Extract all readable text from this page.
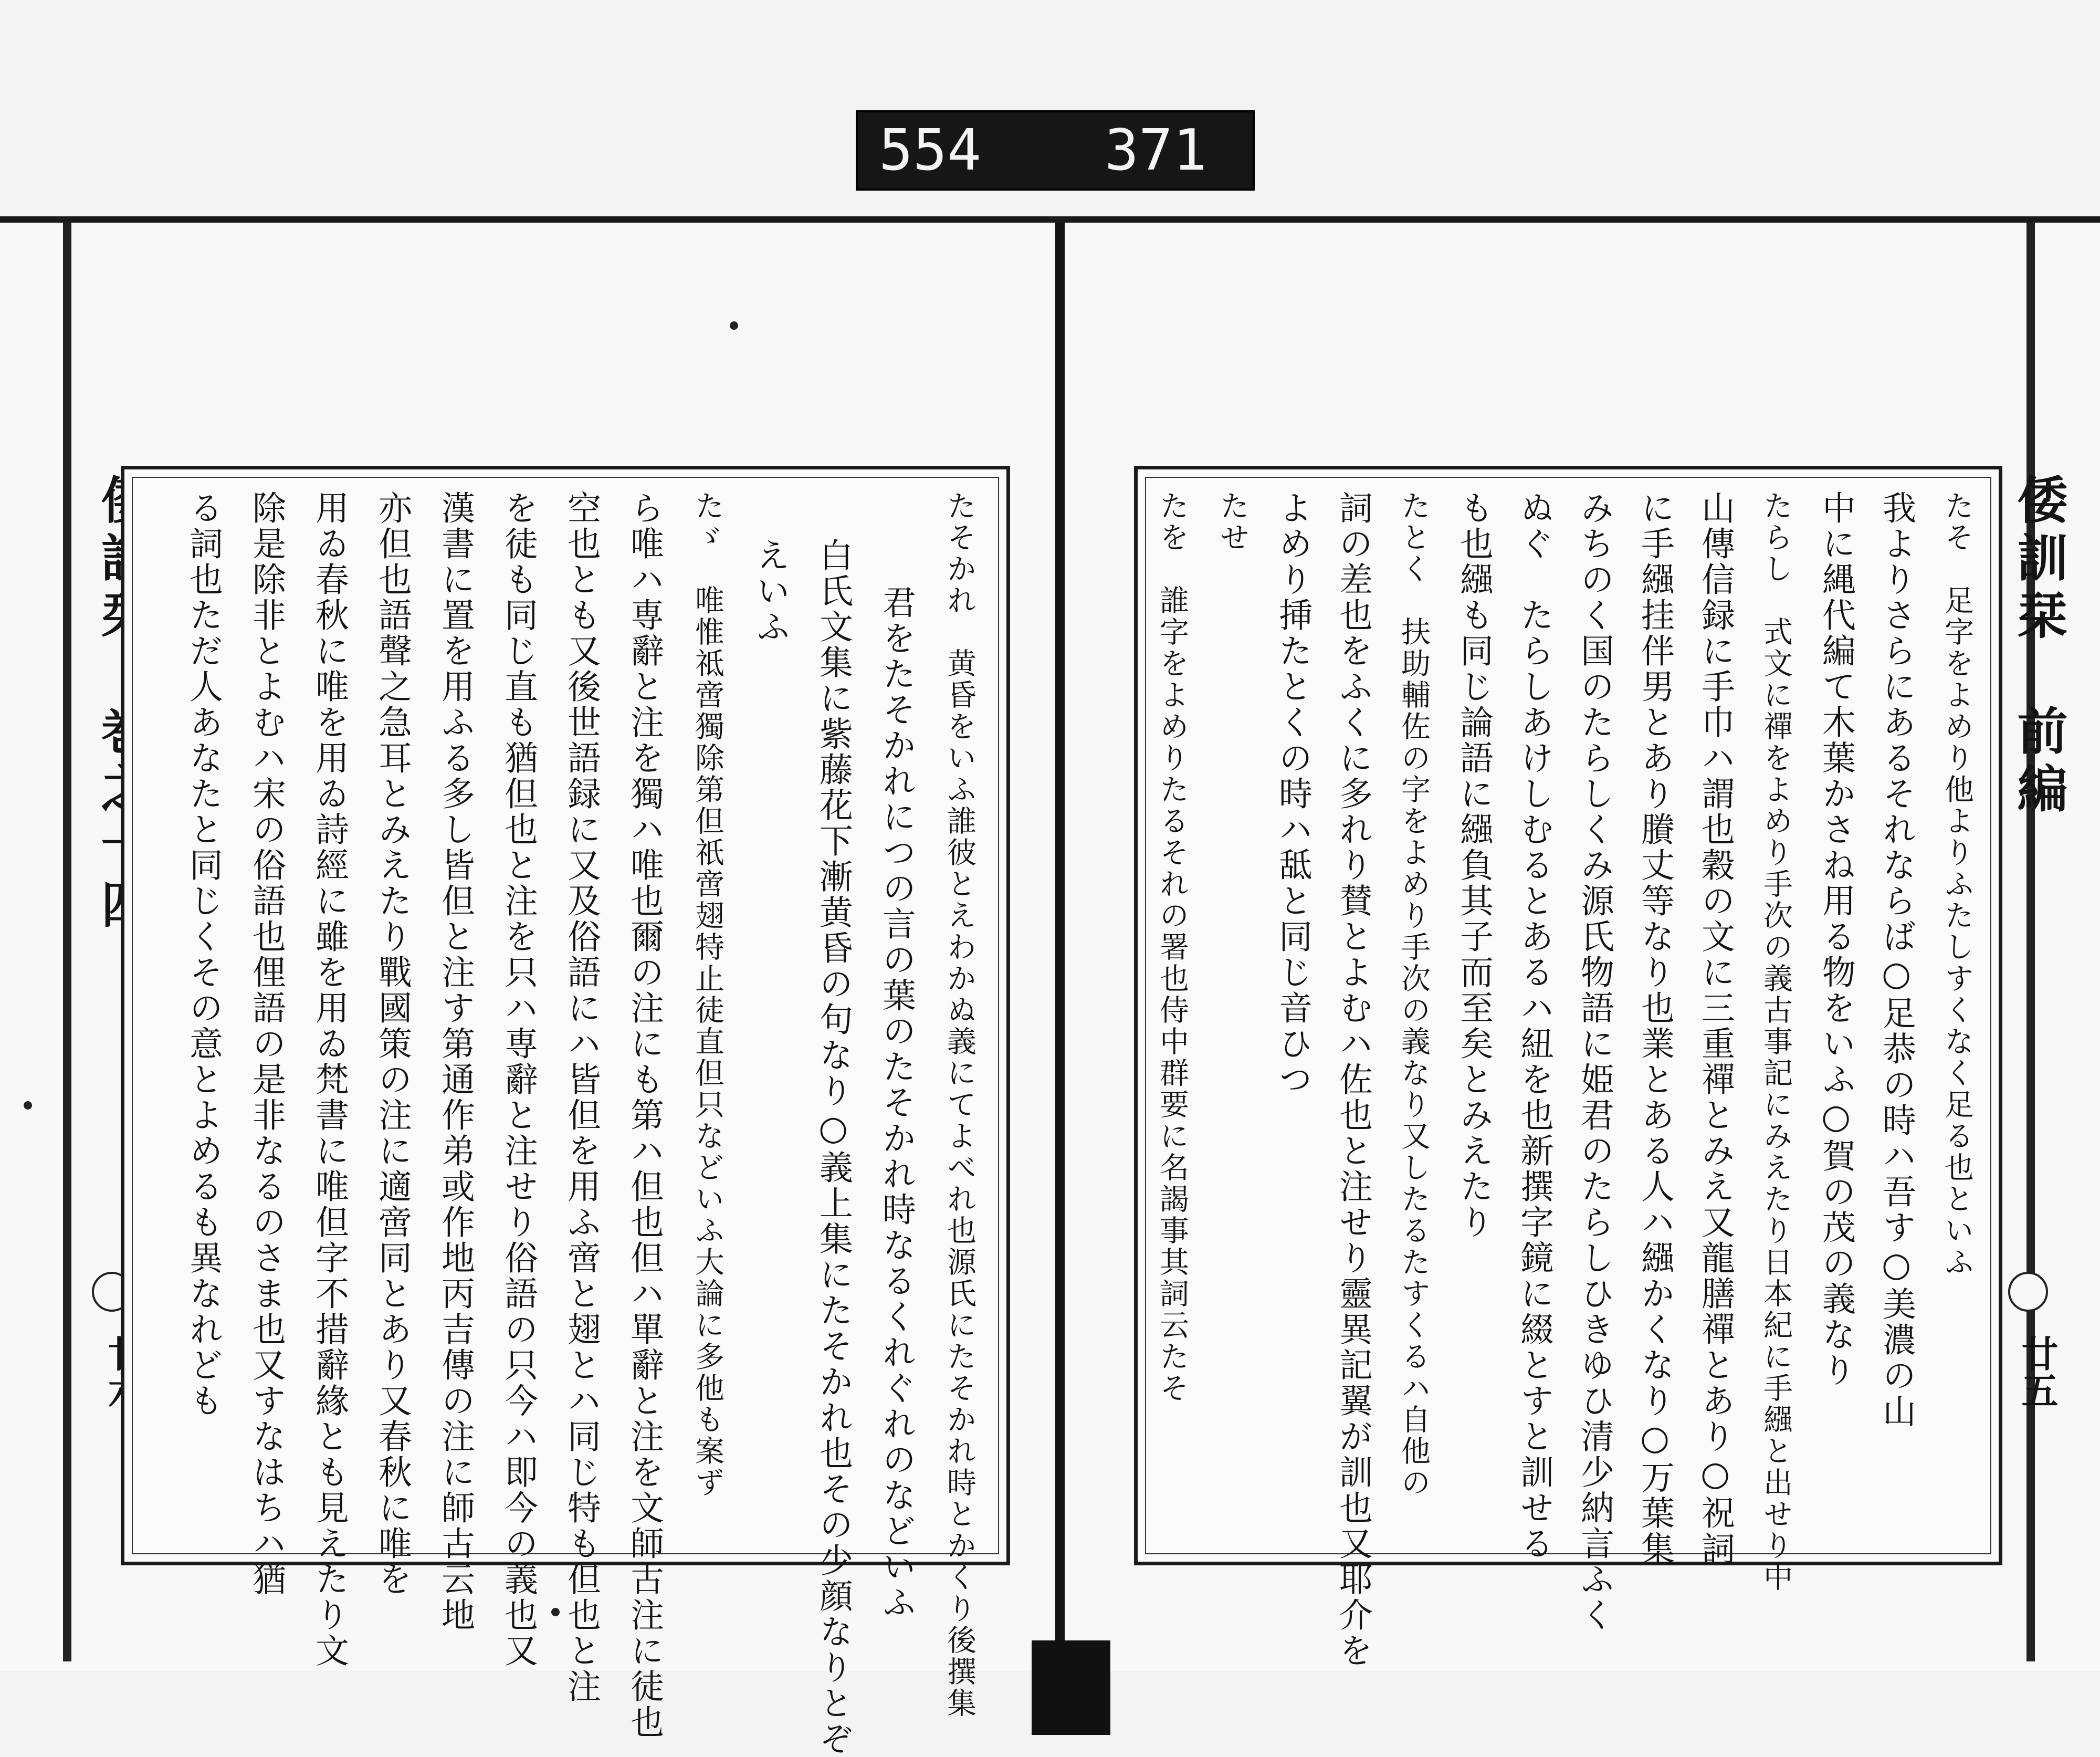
554 371
たそかれ　黄昏をいふ誰彼とえわかぬ義にてよべれ也源氏にたそかれ時とかくり後撰集
君をたそかれにつの言の葉のたそかれ時なるくれぐれのなどいふ
白氏文集に紫藤花下漸黄昏の句なり○義上集にたそかれ也その少顔なりとぞ
えいふ
たゞ　唯惟祗啻獨除第但祇啻翅特止徒直但只などいふ大論に多他も案ず
ら唯ハ専辭と注を獨ハ唯也爾の注にも第ハ但也但ハ單辭と注を文師古注に徒也
空也とも又後世語録に又及俗語にハ皆但を用ふ啻と翅とハ同じ特も但也と注
を徒も同じ直も猶但也と注を只ハ専辭と注せり俗語の只今ハ即今の義也又
漢書に置を用ふる多し皆但と注す第通作弟或作地丙吉傳の注に師古云地
亦但也語聲之急耳とみえたり戰國策の注に適啻同とあり又春秋に唯を
用ゐ春秋に唯を用ゐ詩經に雖を用ゐ梵書に唯但字不措辭緣とも見えたり文
除是除非とよむハ宋の俗語也俚語の是非なるのさま也又すなはちハ猶
る詞也ただ人あなたと同じくその意とよめるも異なれども	たそ　足字をよめり他よりふたしすくなく足る也といふ
我よりさらにあるそれならば○足恭の時ハ吾す○美濃の山
中に縄代編て木葉かさね用る物をいふ○賀の茂の義なり
たらし　式文に禪をよめり手次の義古事記にみえたり日本紀に手繦と出せり中
山傳信録に手巾ハ謂也穀の文に三重禪とみえ又龍膳禪とあり○祝詞
に手繦挂伴男とあり賸丈等なり也業とある人ハ繦かくなり○万葉集
みちのく国のたらしくみ源氏物語に姫君のたらしひきゆひ清少納言ふく
ぬぐ　たらしあけしむるとあるハ紐を也新撰字鏡に綴とすと訓せる
も也繦も同じ論語に繦負其子而至矣とみえたり
たとく　扶助輔佐の字をよめり手次の義なり又したるたすくるハ自他の
詞の差也をふくに多れり賛とよむハ佐也と注せり靈異記翼が訓也又耶介を
よめり挿たとくの時ハ䑛と同じ音ひつ
たせ
たを　誰字をよめりたるそれの署也侍中群要に名謁事其詞云たそ	倭訓栞　前編
廿五
